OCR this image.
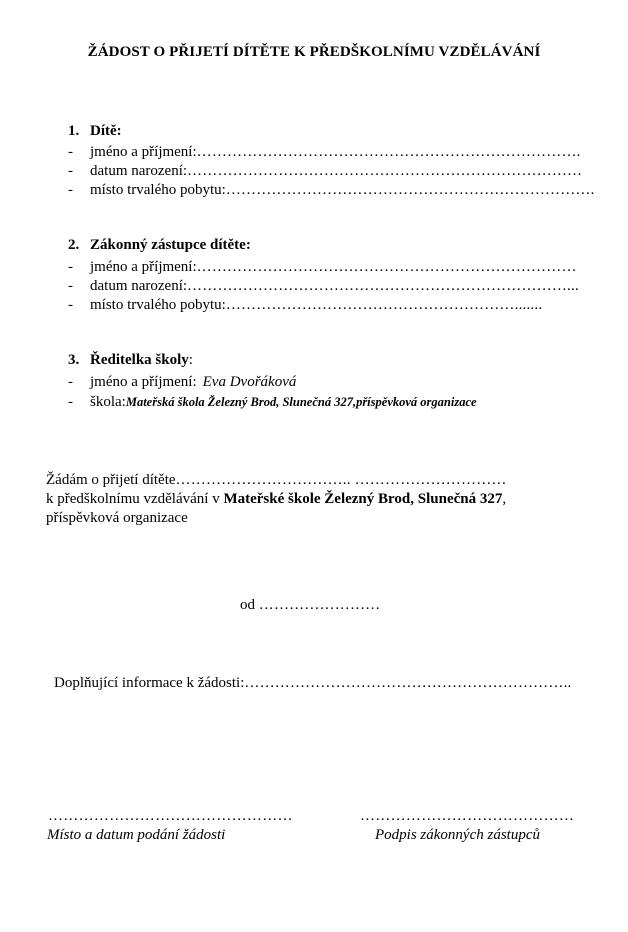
ŽÁDOST O PŘIJETÍ DÍTĚTE K PŘEDŠKOLNÍMU VZDĚLÁVÁNÍ
1. Dítě:
- jméno a příjmení:………………………………………………………………….
- datum narození:……………………………………………………………………
- místo trvalého pobytu:……………………………………………………………….
2. Zákonný zástupce dítěte:
- jméno a příjmení:…………………………………………………………………
- datum narození:…………………………………………………………………...
- místo trvalého pobytu:………………………………………………….......
3. Ředitelka školy:
- jméno a příjmení: Eva Dvořáková
- škola:Mateřská škola Železný Brod, Slunečná 327,příspěvková organizace
Žádám o přijetí dítěte…………………………….. …………………………
k předškolnímu vzdělávání v Mateřské škole Železný Brod, Slunečná 327,
příspěvková organizace
od ……………………
Doplňující informace k žádosti:………………………………………………………..
…………………………………………
Místo a datum podání žádosti
……………………………………
Podpis zákonných zástupců
